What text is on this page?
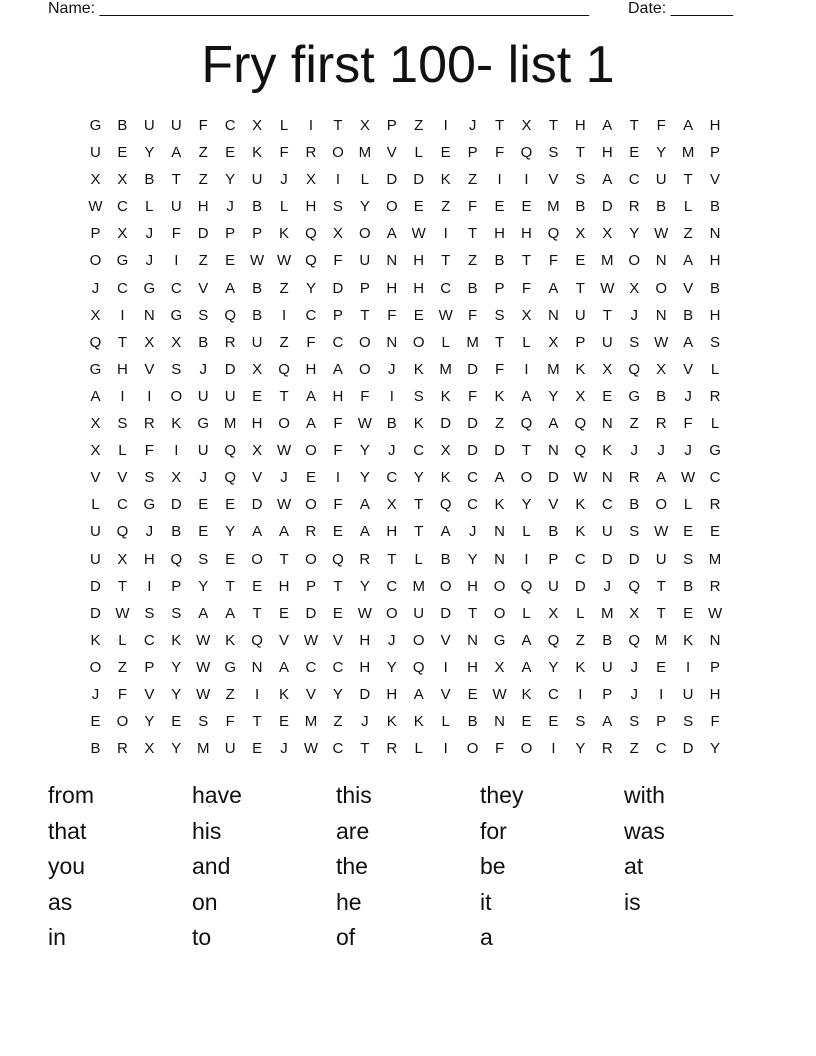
Name: _______________________________________________________ Date: _______
Fry first 100- list 1
G	B	U	U	F	C	X	L	I	T	X	P	Z	I	J	T	X	T	H	A	T	F	A	H
U	E	Y	A	Z	E	K	F	R	O M	V	L	E	P	F	Q	S	T	H	E	Y	M	P
X	X	B	T	Z	Y	U	J	X	I	L	D	D	K	Z	I	I	V	S	A	C	U	T	V
W C	L	U	H	J	B	L	H	S	Y	O	E	Z	F	E	E	M	B	D	R	B	L	B
P	X	J	F	D	P	P	K	Q	X	O	A W	I	T	H	H	Q	X	X	Y W	Z	N
O	G	J	I	Z	E W W Q	F	U	N	H	T	Z	B	T	F	E	M O	N	A	H
J	C	G	C	V	A	B	Z	Y	D	P	H	H	C	B	P	F	A	T	W X	O	V	B
X	I	N	G	S	Q	B	I	C	P	T	F	E W	F	S	X	N	U	T	J	N	B	H
Q	T	X	X	B	R	U	Z	F	C	O	N	O	L	M	T	L	X	P	U	S W A	S
G	H	V	S	J	D	X	Q	H	A	O	J	K	M	D	F	I	M	K	X	Q	X	V	L
A	I	I	O	U	U	E	T	A	H	F	I	S	K	F	K	A	Y	X	E	G	B	J	R
X	S	R	K	G M	H	O	A	F	W B	K	D	D	Z	Q	A	Q	N	Z	R	F	L
X	L	F	I	U	Q	X W O	F	Y	J	C	X	D	D	T	N	Q	K	J	J	J	G
V	V	S	X	J	Q	V	J	E	I	Y	C	Y	K	C	A	O	D W N	R	A W C
L	C	G	D	E	E	D W O	F	A	X	T	Q	C	K	Y	V	K	C	B	O	L	R
U	Q	J	B	E	Y	A	A	R	E	A	H	T	A	J	N	L	B	K	U	S W E	E
U	X	H	Q	S	E	O	T	O	Q	R	T	L	B	Y	N	I	P	C	D	D	U	S	M
D	T	I	P	Y	T	E	H	P	T	Y	C	M O	H	O	Q	U	D	J	Q	T	B	R
D W S	S	A	A	T	E	D	E W O	U	D	T	O	L	X	L	M	X	T	E W
K	L	C	K W K	Q	V W V	H	J	O	V	N	G	A	Q	Z	B	Q M	K	N
O	Z	P	Y W G	N	A	C	C	H	Y	Q	I	H	X	A	Y	K	U	J	E	I	P
J	F	V	Y W	Z	I	K	V	Y	D	H	A	V	E W K	C	I	P	J	I	U	H
E	O	Y	E	S	F	T	E	M	Z	J	K	K	L	B	N	E	E	S	A	S	P	S	F
B	R	X	Y	M	U	E	J	W C	T	R	L	I	O	F	O	I	Y	R	Z	C	D	Y
from	have	this	they	with
that	his	are	for	was
you	and	the	be	at
as	on	he	it	is
in	to	of	a
